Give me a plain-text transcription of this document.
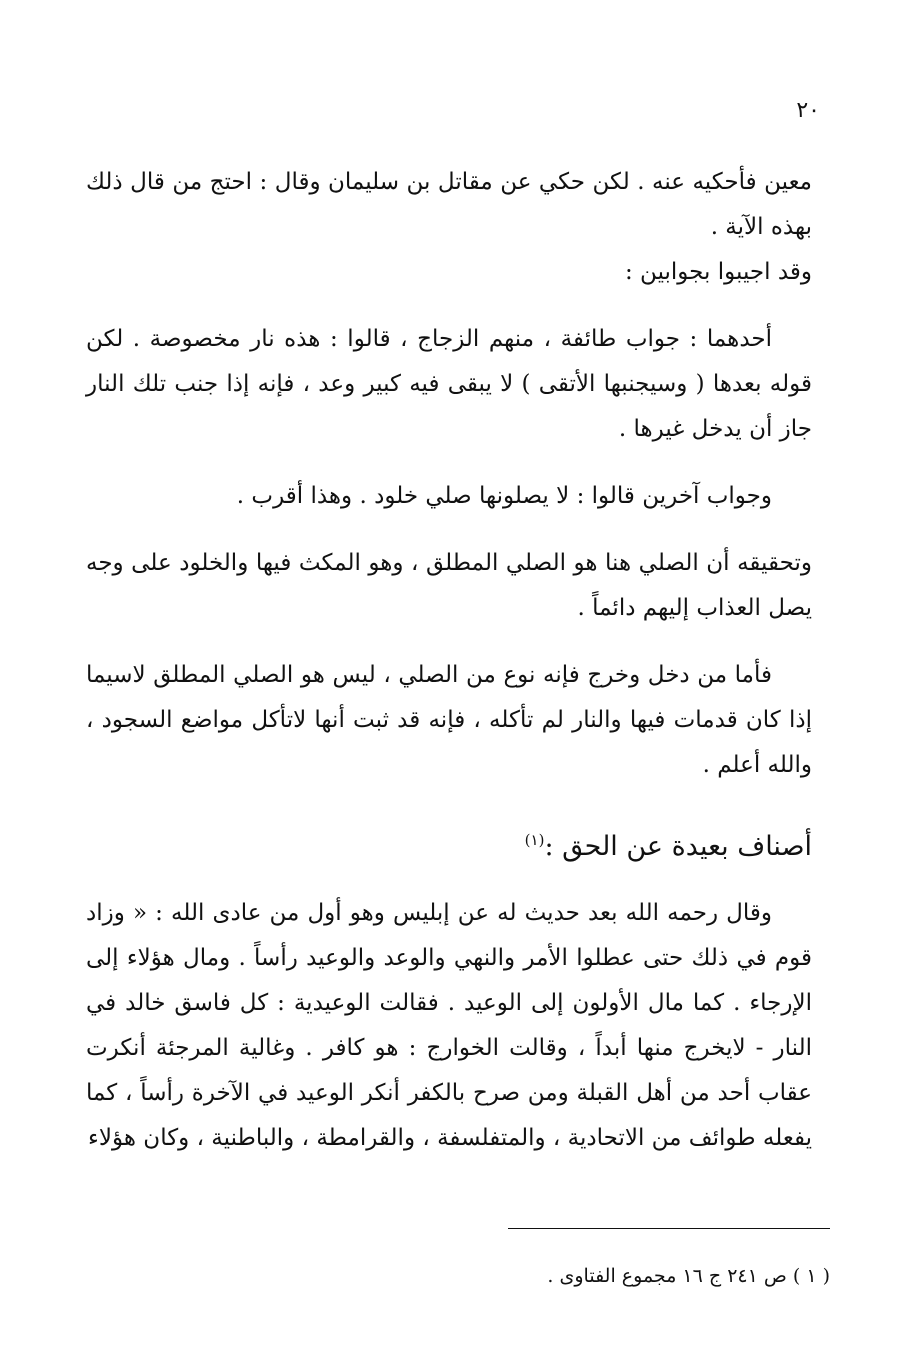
٢٠

معين فأحكيه عنه . لكن حكي عن مقاتل بن سليمان وقال : احتج من قال ذلك بهذه الآية .

وقد اجيبوا بجوابين :

أحدهما : جواب طائفة ، منهم الزجاج ، قالوا : هذه نار مخصوصة . لكن قوله بعدها ( وسيجنبها الأتقى ) لا يبقى فيه كبير وعد ، فإنه إذا جنب تلك النار جاز أن يدخل غيرها .

وجواب آخرين قالوا : لا يصلونها صلي خلود . وهذا أقرب .

وتحقيقه أن الصلي هنا هو الصلي المطلق ، وهو المكث فيها والخلود على وجه يصل العذاب إليهم دائماً .

فأما من دخل وخرج فإنه نوع من الصلي ، ليس هو الصلي المطلق لاسيما إذا كان قدمات فيها والنار لم تأكله ، فإنه قد ثبت أنها لاتأكل مواضع السجود ، والله أعلم .

أصناف بعيدة عن الحق :$^{(١)}$

وقال رحمه الله بعد حديث له عن إبليس وهو أول من عادى الله : « وزاد قوم في ذلك حتى عطلوا الأمر والنهي والوعد والوعيد رأساً . ومال هؤلاء إلى الإرجاء . كما مال الأولون إلى الوعيد . فقالت الوعيدية : كل فاسق خالد في النار - لايخرج منها أبداً ، وقالت الخوارج : هو كافر . وغالية المرجئة أنكرت عقاب أحد من أهل القبلة ومن صرح بالكفر أنكر الوعيد في الآخرة رأساً ، كما يفعله طوائف من الاتحادية ، والمتفلسفة ، والقرامطة ، والباطنية ، وكان هؤلاء

( ١ ) ص ٢٤١ ج ١٦ مجموع الفتاوى .
